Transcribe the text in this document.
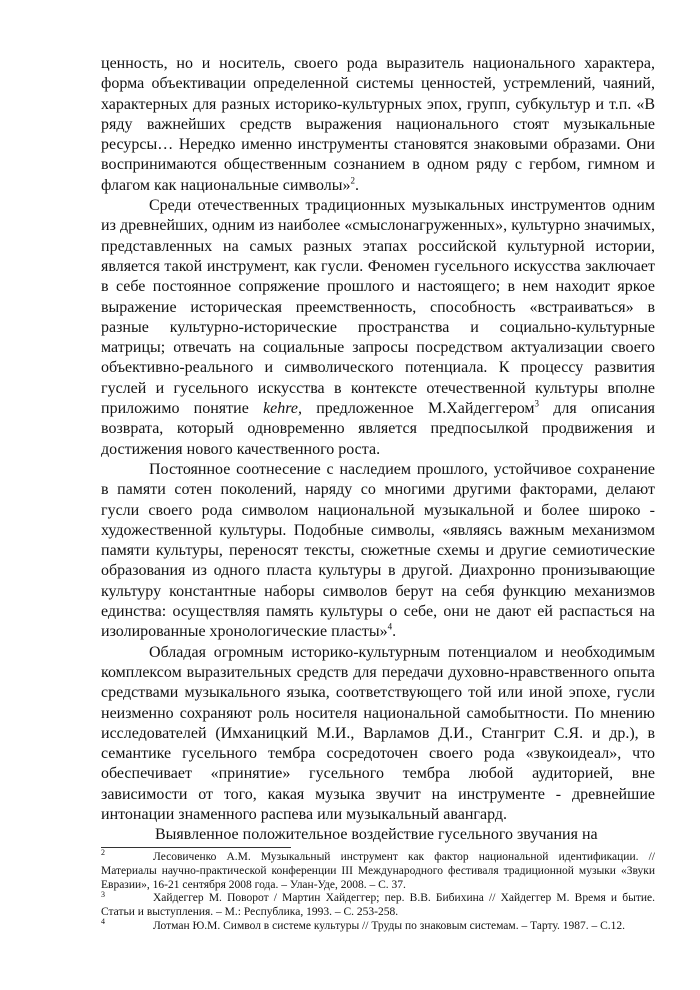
ценность, но и носитель, своего рода выразитель национального характера, форма объективации определенной системы ценностей, устремлений, чаяний, характерных для разных историко-культурных эпох, групп, субкультур и т.п. «В ряду важнейших средств выражения национального стоят музыкальные ресурсы… Нередко именно инструменты становятся знаковыми образами. Они воспринимаются общественным сознанием в одном ряду с гербом, гимном и флагом как национальные символы»$^2$.

Среди отечественных традиционных музыкальных инструментов одним из древнейших, одним из наиболее «смыслонагруженных», культурно значимых, представленных на самых разных этапах российской культурной истории, является такой инструмент, как гусли. Феномен гусельного искусства заключает в себе постоянное сопряжение прошлого и настоящего; в нем находит яркое выражение историческая преемственность, способность «встраиваться» в разные культурно-исторические пространства и социально-культурные матрицы; отвечать на социальные запросы посредством актуализации своего объективно-реального и символического потенциала. К процессу развития гуслей и гусельного искусства в контексте отечественной культуры вполне приложимо понятие kehre, предложенное М.Хайдеггером$^3$ для описания возврата, который одновременно является предпосылкой продвижения и достижения нового качественного роста.

Постоянное соотнесение с наследием прошлого, устойчивое сохранение в памяти сотен поколений, наряду со многими другими факторами, делают гусли своего рода символом национальной музыкальной и более широко - художественной культуры. Подобные символы, «являясь важным механизмом памяти культуры, переносят тексты, сюжетные схемы и другие семиотические образования из одного пласта культуры в другой. Диахронно пронизывающие культуру константные наборы символов берут на себя функцию механизмов единства: осуществляя память культуры о себе, они не дают ей распасться на изолированные хронологические пласты»$^4$.

Обладая огромным историко-культурным потенциалом и необходимым комплексом выразительных средств для передачи духовно-нравственного опыта средствами музыкального языка, соответствующего той или иной эпохе, гусли неизменно сохраняют роль носителя национальной самобытности. По мнению исследователей (Имханицкий М.И., Варламов Д.И., Стангрит С.Я. и др.), в семантике гусельного тембра сосредоточен своего рода «звукоидеал», что обеспечивает «принятие» гусельного тембра любой аудиторией, вне зависимости от того, какая музыка звучит на инструменте - древнейшие интонации знаменного распева или музыкальный авангард.

Выявленное положительное воздействие гусельного звучания на

2	Лесовиченко А.М. Музыкальный инструмент как фактор национальной идентификации. // Материалы научно-практической конференции III Международного фестиваля традиционной музыки «Звуки Евразии», 16-21 сентября 2008 года. – Улан-Уде, 2008. – С. 37.

3	Хайдеггер М. Поворот / Мартин Хайдеггер; пер. В.В. Бибихина // Хайдеггер М. Время и бытие. Статьи и выступления. – М.: Республика, 1993. – С. 253-258.

4	Лотман Ю.М. Символ в системе культуры // Труды по знаковым системам. – Тарту. 1987. – С.12.
